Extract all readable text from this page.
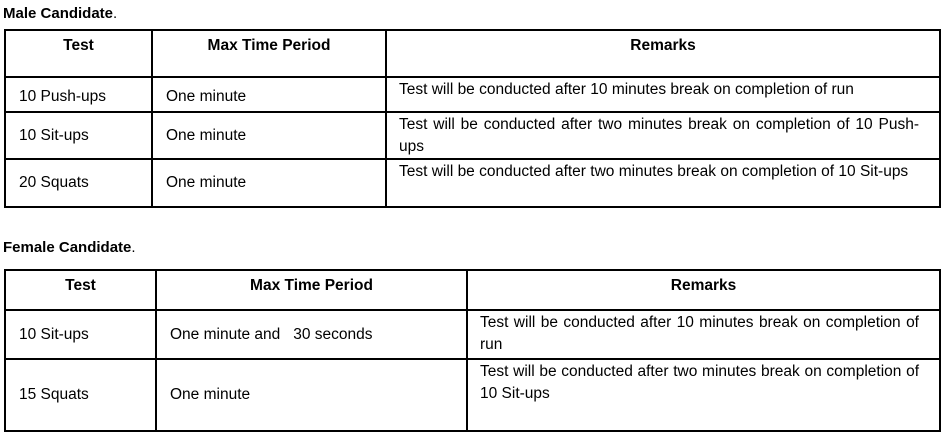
Male Candidate.
Test	Max Time Period	Remarks
10 Push-ups	One minute	Test will be conducted after 10 minutes break on completion of run
10 Sit-ups	One minute	Test will be conducted after two minutes break on completion of 10 Push-ups
20 Squats	One minute	Test will be conducted after two minutes break on completion of 10 Sit-ups
Female Candidate.
Test	Max Time Period	Remarks
10 Sit-ups	One minute and   30 seconds	Test will be conducted after 10 minutes break on completion of run
15 Squats	One minute	Test will be conducted after two minutes break on completion of 10 Sit-ups
